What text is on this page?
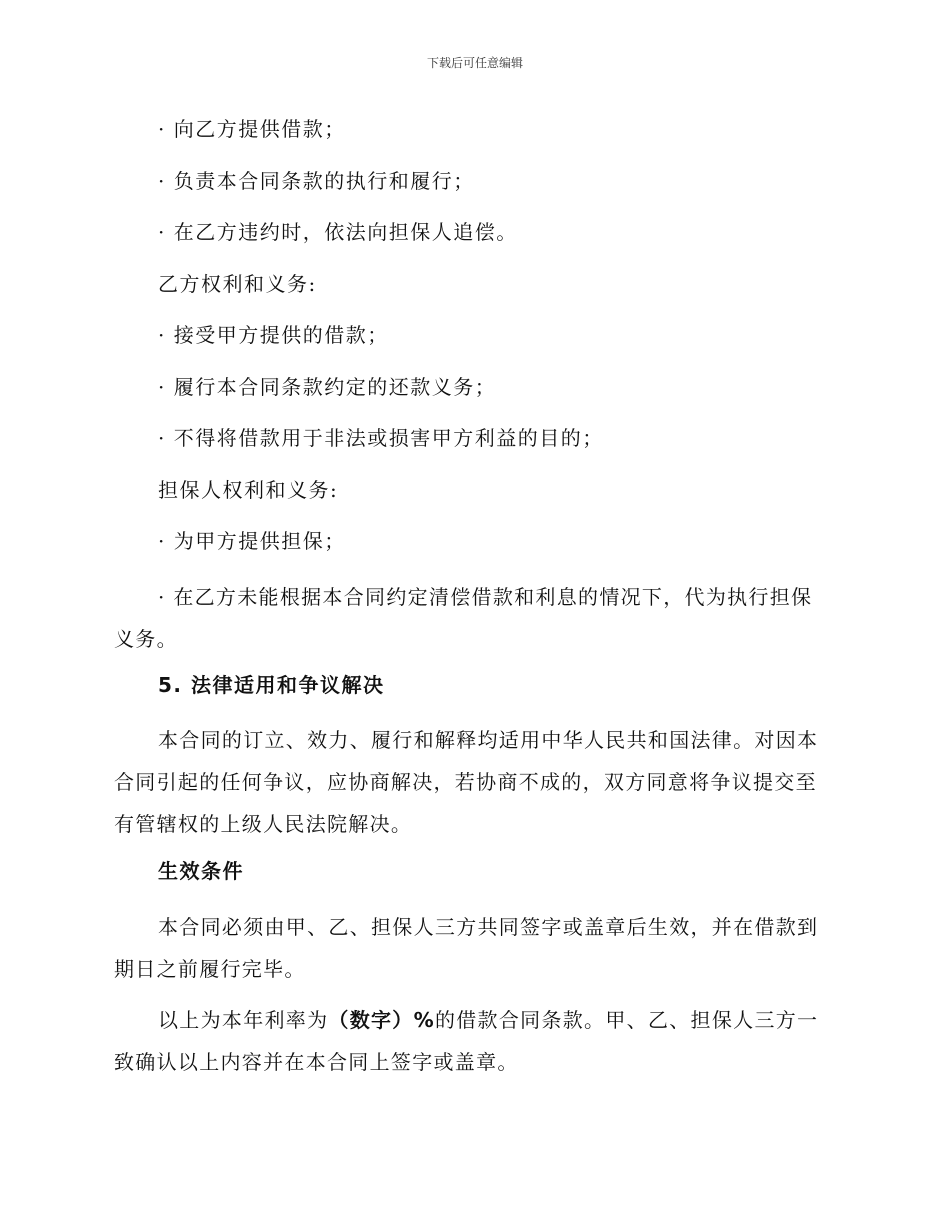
下载后可任意编辑
· 向乙方提供借款；
· 负责本合同条款的执行和履行；
· 在乙方违约时，依法向担保人追偿。
乙方权利和义务:
· 接受甲方提供的借款；
· 履行本合同条款约定的还款义务；
· 不得将借款用于非法或损害甲方利益的目的；
担保人权利和义务:
· 为甲方提供担保；
· 在乙方未能根据本合同约定清偿借款和利息的情况下，代为执行担保
义务。
5. 法律适用和争议解决
本合同的订立、效力、履行和解释均适用中华人民共和国法律。对因本
合同引起的任何争议，应协商解决，若协商不成的，双方同意将争议提交至
有管辖权的上级人民法院解决。
生效条件
本合同必须由甲、乙、担保人三方共同签字或盖章后生效，并在借款到
期日之前履行完毕。
以上为本年利率为（数字）%的借款合同条款。甲、乙、担保人三方一
致确认以上内容并在本合同上签字或盖章。
